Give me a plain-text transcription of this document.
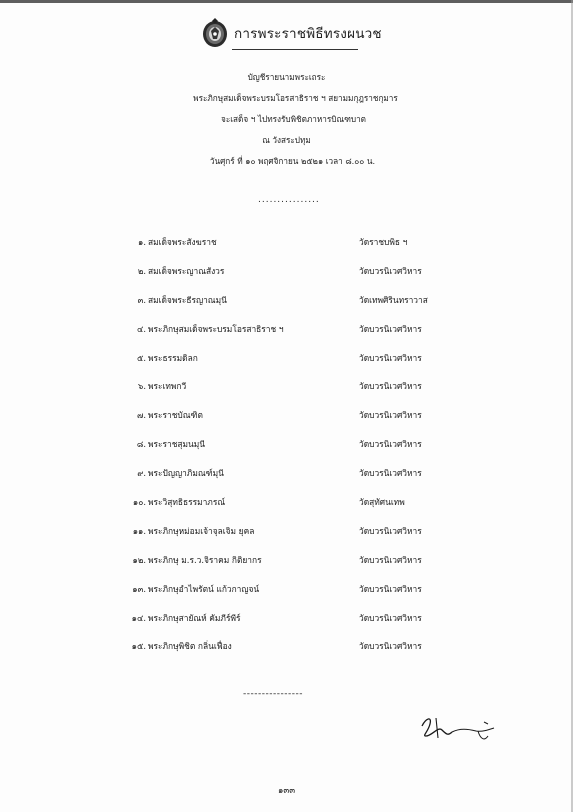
การพระราชพิธีทรงผนวช
บัญชีรายนามพระเถระ
พระภิกษุสมเด็จพระบรมโอรสาธิราช ฯ สยามมกุฎราชกุมาร
จะเสด็จ ฯ ไปทรงรับพิชิตภาหารบิณฑบาต
ณ วังสระปทุม
วันศุกร์ ที่ ๑๐ พฤศจิกายน ๒๕๒๑ เวลา ๘.๐๐ น.
................
๑. สมเด็จพระสังฆราช	วัดราชบพิธ ฯ
๒. สมเด็จพระญาณสังวร	วัดบวรนิเวศวิหาร
๓. สมเด็จพระธีรญาณมุนี	วัดเทพศิรินทราวาส
๔. พระภิกษุสมเด็จพระบรมโอรสาธิราช ฯ	วัดบวรนิเวศวิหาร
๕. พระธรรมดิลก	วัดบวรนิเวศวิหาร
๖. พระเทพกวี	วัดบวรนิเวศวิหาร
๗. พระราชบัณฑิต	วัดบวรนิเวศวิหาร
๘. พระราชสุมนมุนี	วัดบวรนิเวศวิหาร
๙. พระปัญญาภิมณฑ์มุนี	วัดบวรนิเวศวิหาร
๑๐. พระวิสุทธิธรรมาภรณ์	วัดสุทัศนเทพ
๑๑. พระภิกษุหม่อมเจ้าจุลเจิม ยุคล	วัดบวรนิเวศวิหาร
๑๒. พระภิกษุ ม.ร.ว.จิราคม กิติยากร	วัดบวรนิเวศวิหาร
๑๓. พระภิกษุอำไพรัตน์ แก้วกาญจน์	วัดบวรนิเวศวิหาร
๑๔. พระภิกษุสายัณห์ คัมภีร์พีร์	วัดบวรนิเวศวิหาร
๑๕. พระภิกษุพิชิต กลิ่นเฟื่อง	วัดบวรนิเวศวิหาร
----------------
๑๓๓
